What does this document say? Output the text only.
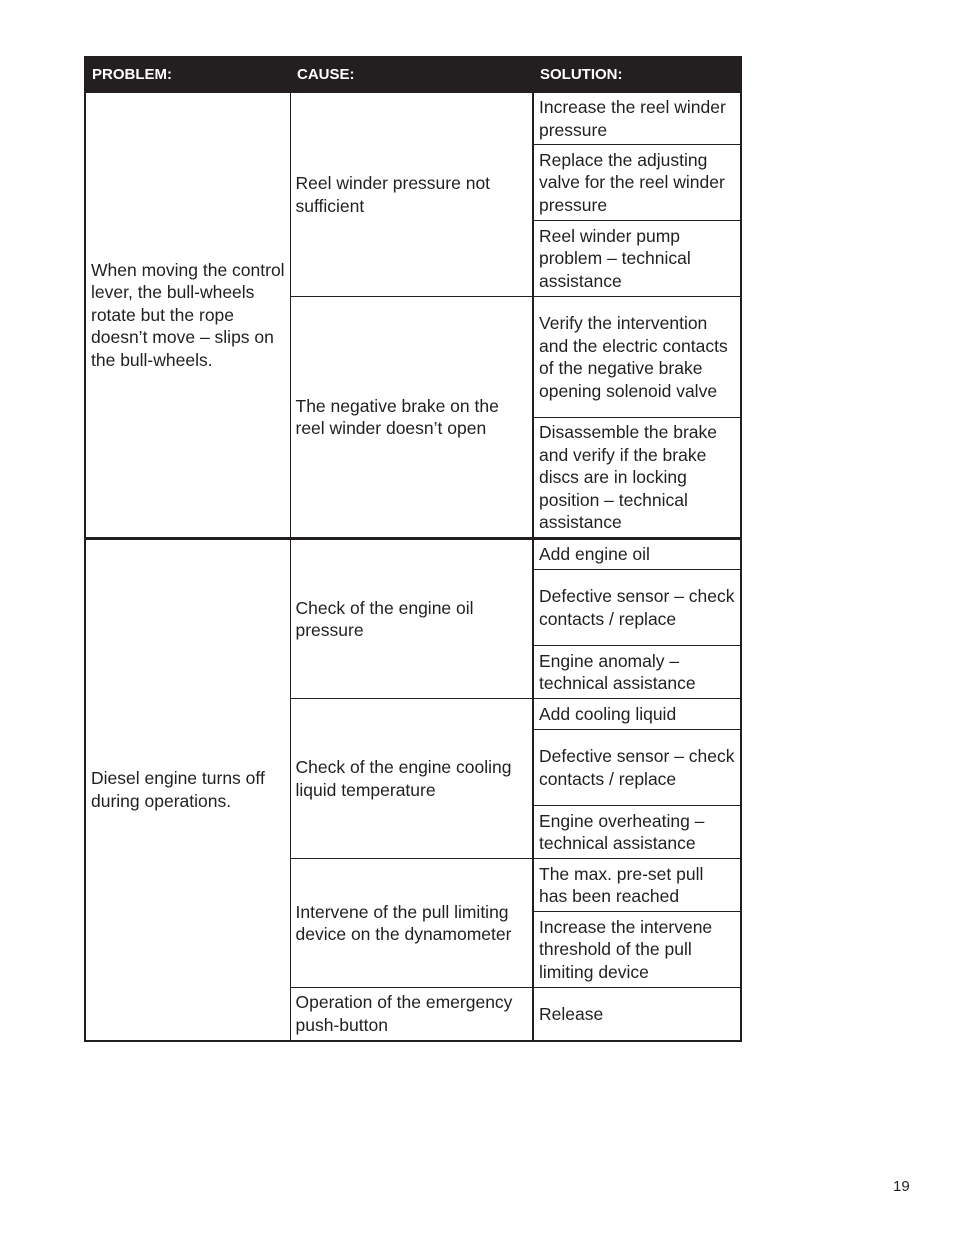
PROBLEM:	CAUSE:	SOLUTION:
When moving the control lever, the bull-wheels rotate but the rope doesn’t move – slips on the bull-wheels.	Reel winder pressure not sufficient	Increase the reel winder pressure
		Replace the adjusting valve for the reel winder pressure
		Reel winder pump problem – technical assistance
	The negative brake on the reel winder doesn’t open	Verify the intervention and the electric contacts of the negative brake opening solenoid valve
		Disassemble the brake and verify if the brake discs are in locking position – technical assistance
Diesel engine turns off during operations.	Check of the engine oil pressure	Add engine oil
		Defective sensor – check contacts / replace
		Engine anomaly – technical assistance
	Check of the engine cooling liquid temperature	Add cooling liquid
		Defective sensor – check contacts / replace
		Engine overheating – technical assistance
	Intervene of the pull limiting device on the dynamometer	The max. pre-set pull has been reached
		Increase the intervene threshold of the pull limiting device
	Operation of the emergency push-button	Release
19
